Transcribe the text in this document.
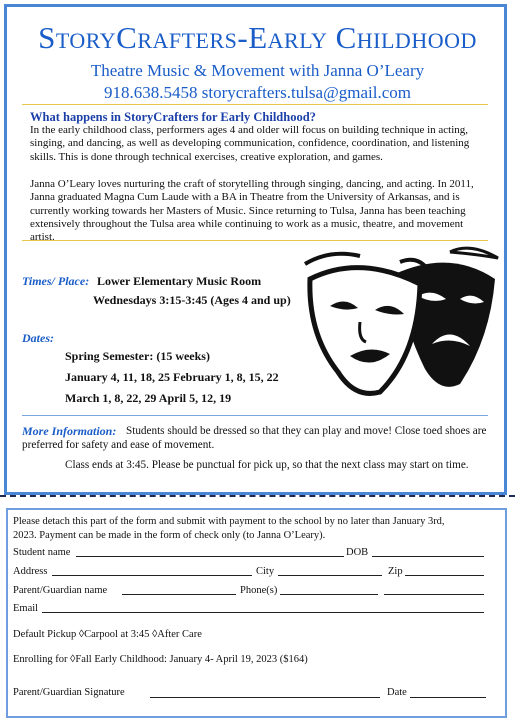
StoryCrafters-Early Childhood
Theatre Music & Movement with Janna O’Leary
918.638.5458 storycrafters.tulsa@gmail.com
What happens in StoryCrafters for Early Childhood?
In the early childhood class, performers ages 4 and older will focus on building technique in acting, singing, and dancing, as well as developing communication, confidence, coordination, and listening skills. This is done through technical exercises, creative exploration, and games.
Janna O’Leary loves nurturing the craft of storytelling through singing, dancing, and acting. In 2011, Janna graduated Magna Cum Laude with a BA in Theatre from the University of Arkansas, and is currently working towards her Masters of Music. Since returning to Tulsa, Janna has been teaching extensively throughout the Tulsa area while continuing to work as a music, theatre, and movement artist.
Times/ Place: Lower Elementary Music Room
Wednesdays 3:15-3:45 (Ages 4 and up)
Dates:
Spring Semester: (15 weeks)
January 4, 11, 18, 25 February 1, 8, 15, 22
March 1, 8, 22, 29 April 5, 12, 19
More Information: Students should be dressed so that they can play and move! Close toed shoes are preferred for safety and ease of movement.
Class ends at 3:45. Please be punctual for pick up, so that the next class may start on time.
Please detach this part of the form and submit with payment to the school by no later than January 3rd, 2023. Payment can be made in the form of check only (to Janna O’Leary).
Student name	DOB
Address	City	Zip
Parent/Guardian name	Phone(s)
Email
Default Pickup ◊Carpool at 3:45 ◊After Care
Enrolling for ◊Fall Early Childhood: January 4- April 19, 2023 ($164)
Parent/Guardian Signature	Date
